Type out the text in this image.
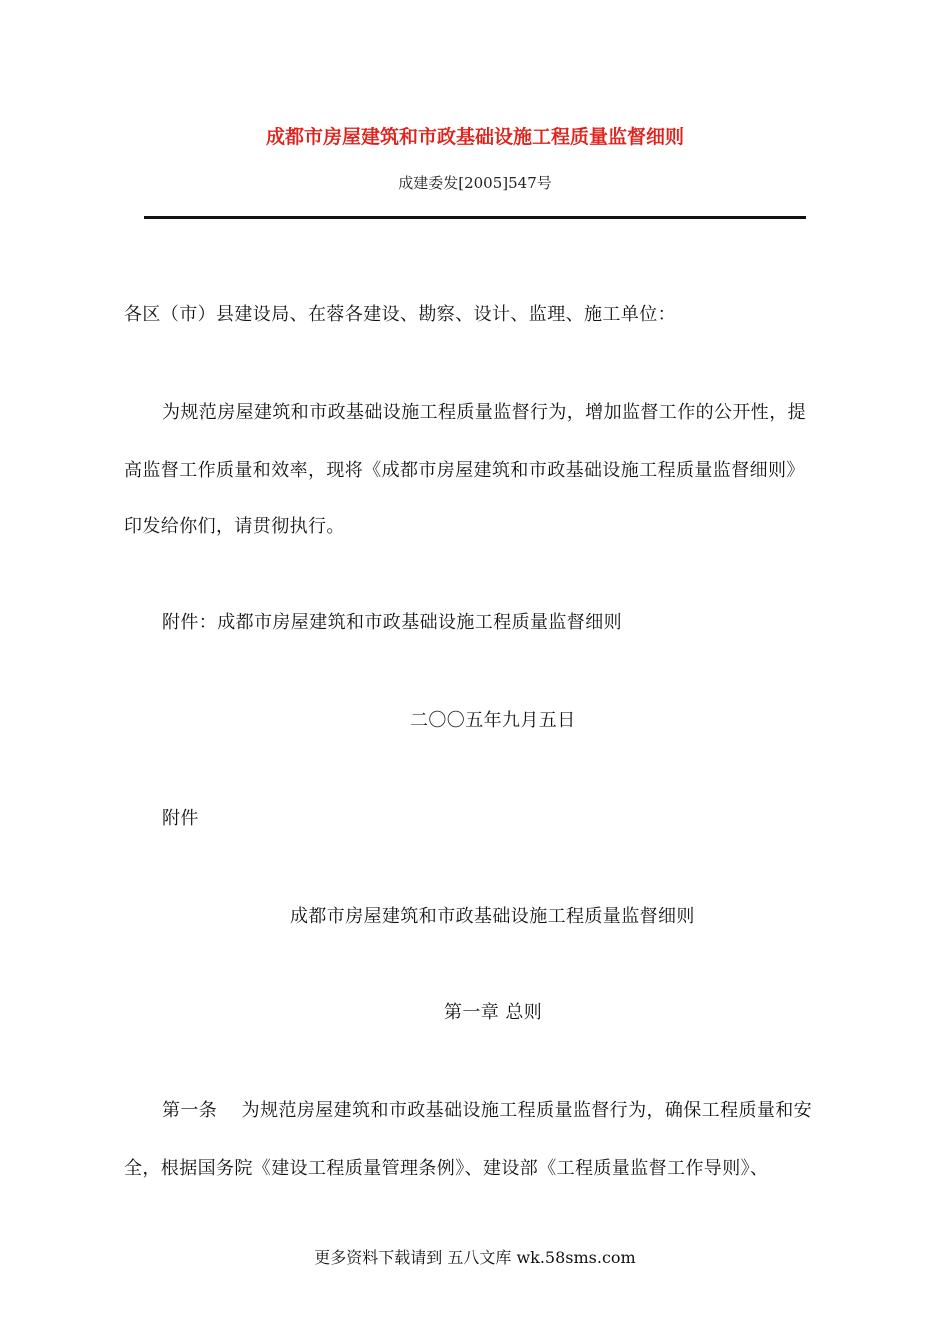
成都市房屋建筑和市政基础设施工程质量监督细则
成建委发[2005]547号
各区（市）县建设局、在蓉各建设、勘察、设计、监理、施工单位：
为规范房屋建筑和市政基础设施工程质量监督行为，增加监督工作的公开性，提
高监督工作质量和效率，现将《成都市房屋建筑和市政基础设施工程质量监督细则》
印发给你们，请贯彻执行。
附件：成都市房屋建筑和市政基础设施工程质量监督细则
二〇〇五年九月五日
附件
成都市房屋建筑和市政基础设施工程质量监督细则
第一章 总则
第一条    为规范房屋建筑和市政基础设施工程质量监督行为，确保工程质量和安
全，根据国务院《建设工程质量管理条例》、建设部《工程质量监督工作导则》、
更多资料下载请到 五八文库 wk.58sms.com
